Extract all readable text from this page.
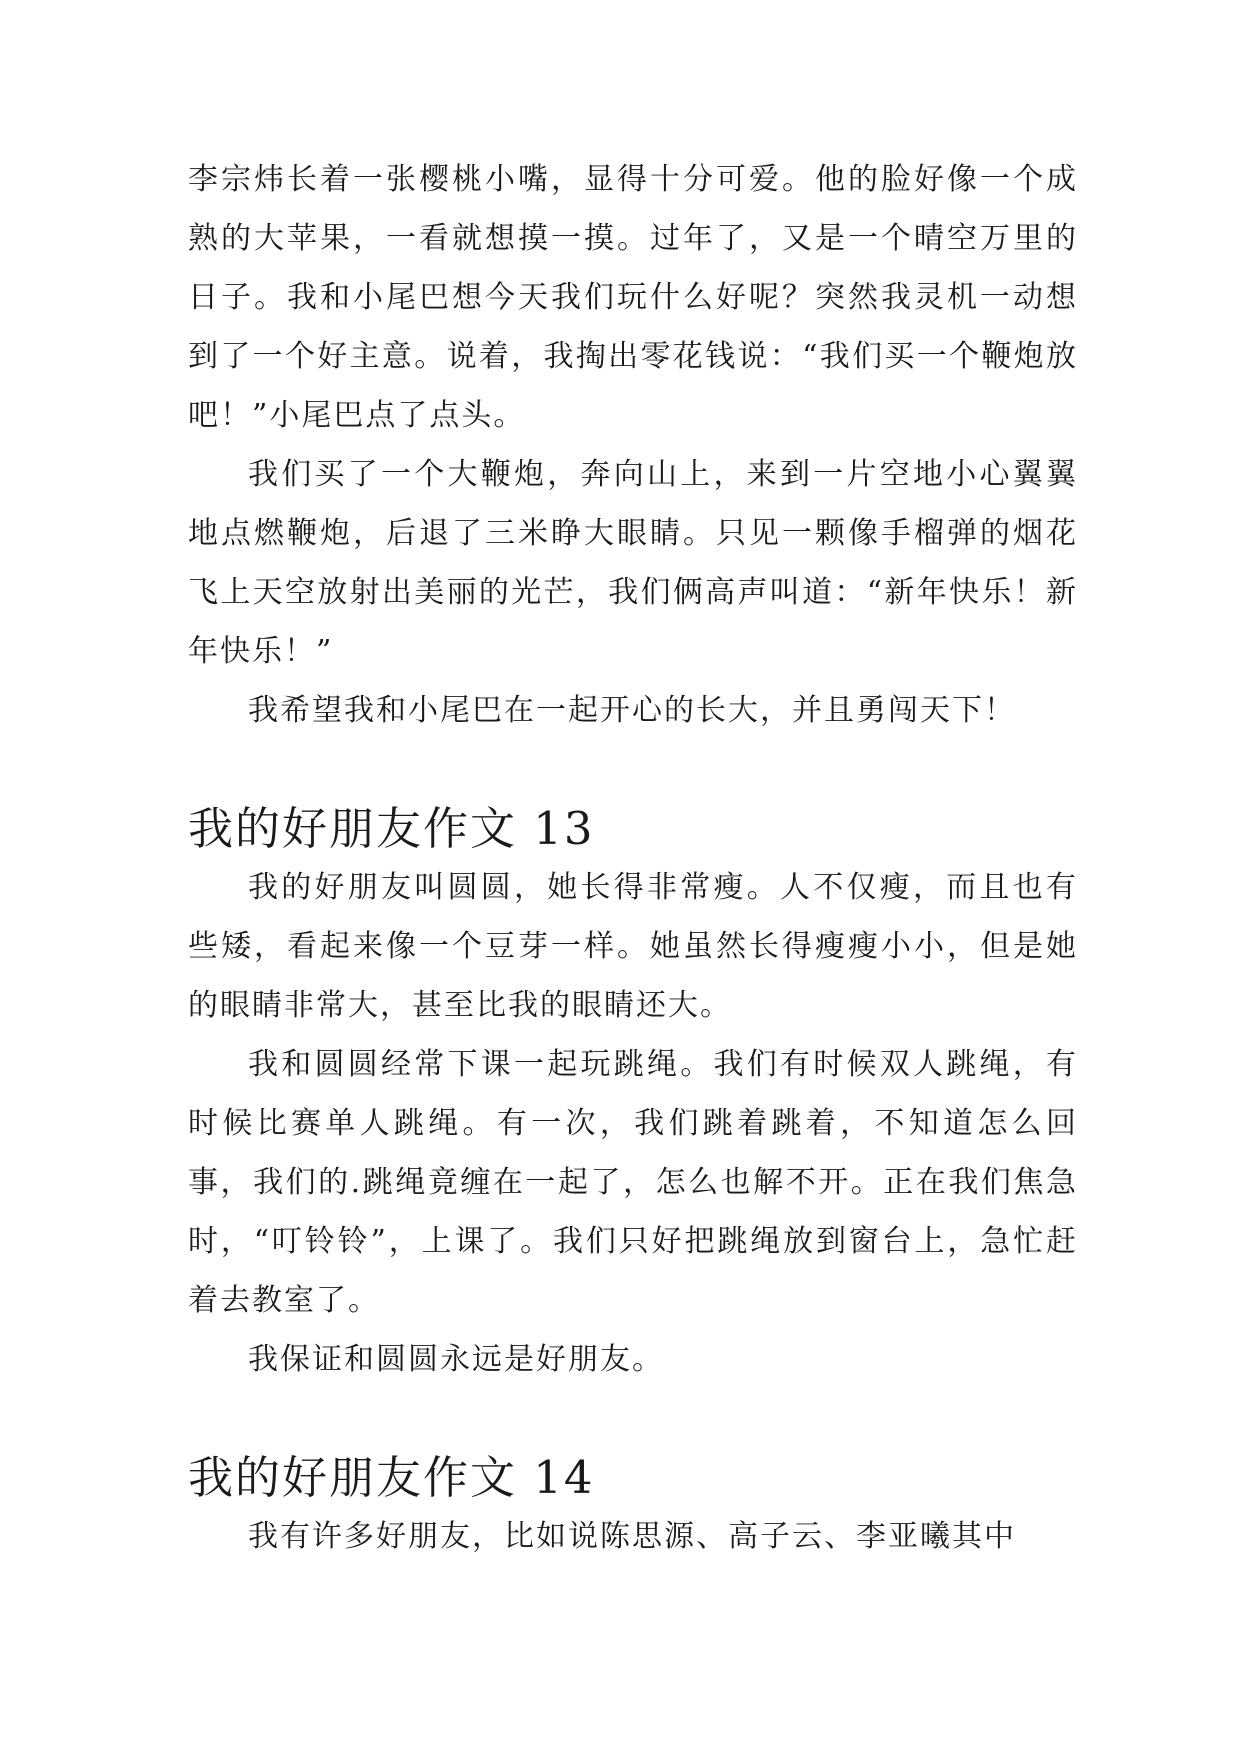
李宗炜长着一张樱桃小嘴，显得十分可爱。他的脸好像一个成熟的大苹果，一看就想摸一摸。过年了，又是一个晴空万里的日子。我和小尾巴想今天我们玩什么好呢？突然我灵机一动想到了一个好主意。说着，我掏出零花钱说：“我们买一个鞭炮放吧！”小尾巴点了点头。

我们买了一个大鞭炮，奔向山上，来到一片空地小心翼翼地点燃鞭炮，后退了三米睁大眼睛。只见一颗像手榴弹的烟花飞上天空放射出美丽的光芒，我们俩高声叫道：“新年快乐！新年快乐！”

我希望我和小尾巴在一起开心的长大，并且勇闯天下！

我的好朋友作文 13

我的好朋友叫圆圆，她长得非常瘦。人不仅瘦，而且也有些矮，看起来像一个豆芽一样。她虽然长得瘦瘦小小，但是她的眼睛非常大，甚至比我的眼睛还大。

我和圆圆经常下课一起玩跳绳。我们有时候双人跳绳，有时候比赛单人跳绳。有一次，我们跳着跳着，不知道怎么回事，我们的.跳绳竟缠在一起了，怎么也解不开。正在我们焦急时，“叮铃铃”，上课了。我们只好把跳绳放到窗台上，急忙赶着去教室了。

我保证和圆圆永远是好朋友。

我的好朋友作文 14

我有许多好朋友，比如说陈思源、高子云、李亚曦其中
